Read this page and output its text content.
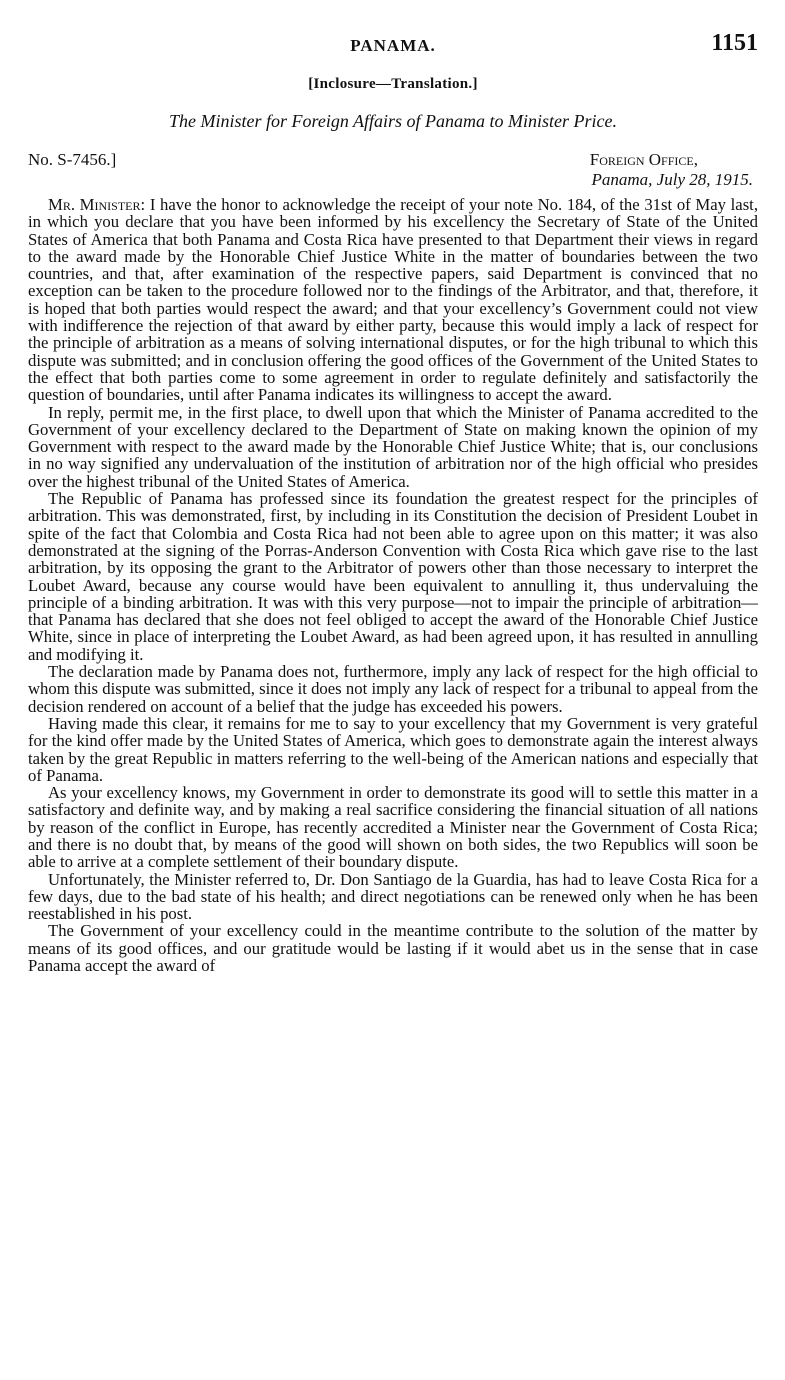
PANAMA.	1151
[Inclosure—Translation.]
The Minister for Foreign Affairs of Panama to Minister Price.
No. S-7456.]	Foreign Office,
Panama, July 28, 1915.

Mr. Minister: I have the honor to acknowledge the receipt of your note No. 184, of the 31st of May last, in which you declare that you have been informed by his excellency the Secretary of State of the United States of America that both Panama and Costa Rica have presented to that Department their views in regard to the award made by the Honorable Chief Justice White in the matter of boundaries between the two countries, and that, after examination of the respective papers, said Department is convinced that no exception can be taken to the procedure followed nor to the findings of the Arbitrator, and that, therefore, it is hoped that both parties would respect the award; and that your excellency’s Government could not view with indifference the rejection of that award by either party, because this would imply a lack of respect for the principle of arbitration as a means of solving international disputes, or for the high tribunal to which this dispute was submitted; and in conclusion offering the good offices of the Government of the United States to the effect that both parties come to some agreement in order to regulate definitely and satisfactorily the question of boundaries, until after Panama indicates its willingness to accept the award.

In reply, permit me, in the first place, to dwell upon that which the Minister of Panama accredited to the Government of your excellency declared to the Department of State on making known the opinion of my Government with respect to the award made by the Honorable Chief Justice White; that is, our conclusions in no way signified any undervaluation of the institution of arbitration nor of the high official who presides over the highest tribunal of the United States of America.

The Republic of Panama has professed since its foundation the greatest respect for the principles of arbitration. This was demonstrated, first, by including in its Constitution the decision of President Loubet in spite of the fact that Colombia and Costa Rica had not been able to agree upon on this matter; it was also demonstrated at the signing of the Porras-Anderson Convention with Costa Rica which gave rise to the last arbitration, by its opposing the grant to the Arbitrator of powers other than those necessary to interpret the Loubet Award, because any course would have been equivalent to annulling it, thus undervaluing the principle of a binding arbitration. It was with this very purpose—not to impair the principle of arbitration—that Panama has declared that she does not feel obliged to accept the award of the Honorable Chief Justice White, since in place of interpreting the Loubet Award, as had been agreed upon, it has resulted in annulling and modifying it.

The declaration made by Panama does not, furthermore, imply any lack of respect for the high official to whom this dispute was submitted, since it does not imply any lack of respect for a tribunal to appeal from the decision rendered on account of a belief that the judge has exceeded his powers.

Having made this clear, it remains for me to say to your excellency that my Government is very grateful for the kind offer made by the United States of America, which goes to demonstrate again the interest always taken by the great Republic in matters referring to the well-being of the American nations and especially that of Panama.

As your excellency knows, my Government in order to demonstrate its good will to settle this matter in a satisfactory and definite way, and by making a real sacrifice considering the financial situation of all nations by reason of the conflict in Europe, has recently accredited a Minister near the Government of Costa Rica; and there is no doubt that, by means of the good will shown on both sides, the two Republics will soon be able to arrive at a complete settlement of their boundary dispute.

Unfortunately, the Minister referred to, Dr. Don Santiago de la Guardia, has had to leave Costa Rica for a few days, due to the bad state of his health; and direct negotiations can be renewed only when he has been reestablished in his post.

The Government of your excellency could in the meantime contribute to the solution of the matter by means of its good offices, and our gratitude would be lasting if it would abet us in the sense that in case Panama accept the award of
